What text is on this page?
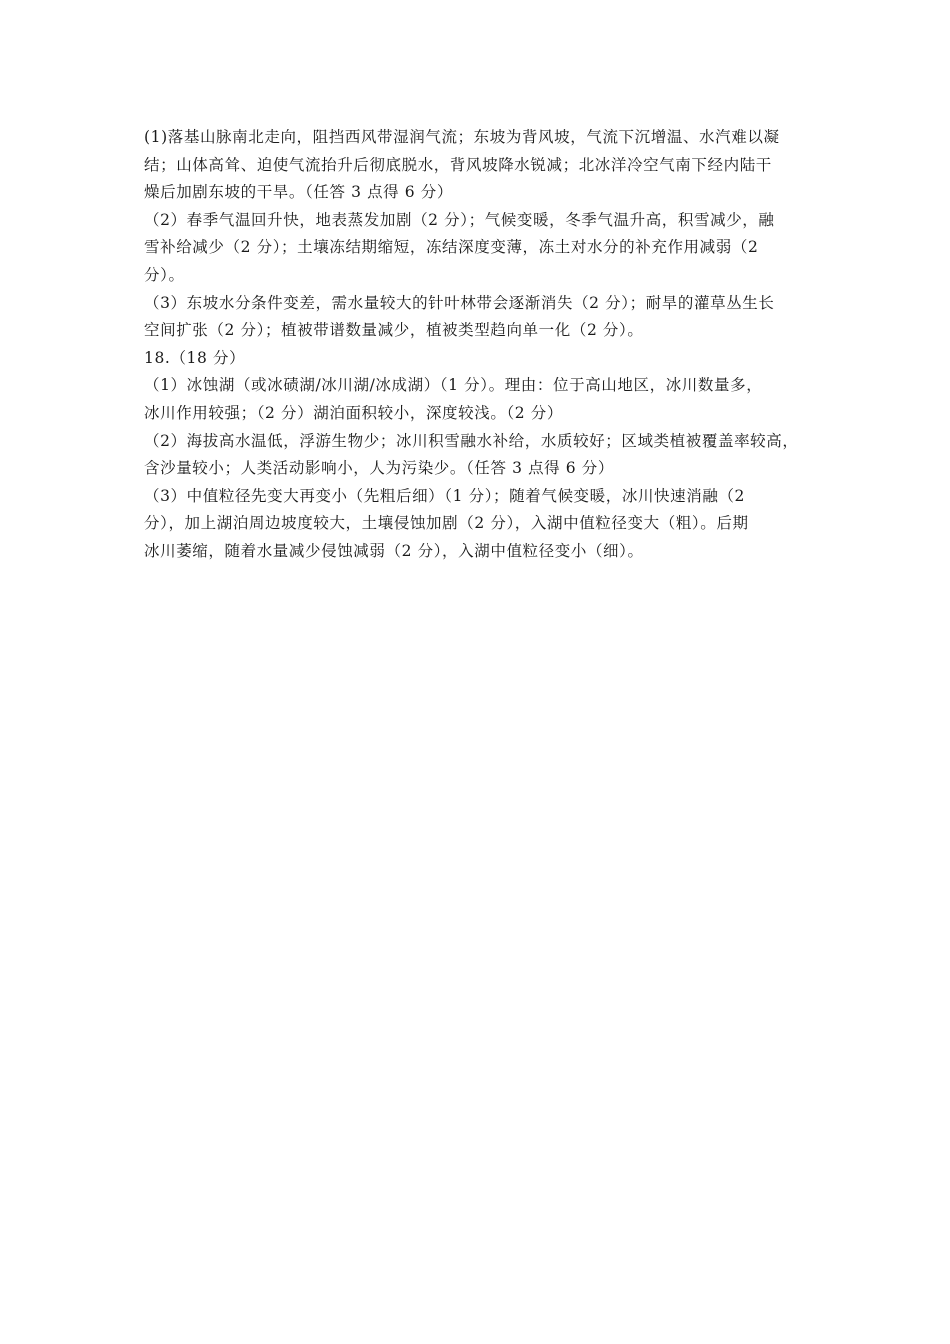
(1)落基山脉南北走向，阻挡西风带湿润气流；东坡为背风坡，气流下沉增温、水汽难以凝
结；山体高耸、迫使气流抬升后彻底脱水，背风坡降水锐减；北冰洋冷空气南下经内陆干
燥后加剧东坡的干旱。（任答 3 点得 6 分）
（2）春季气温回升快，地表蒸发加剧（2 分）；气候变暖，冬季气温升高，积雪减少，融
雪补给减少（2 分）；土壤冻结期缩短，冻结深度变薄，冻土对水分的补充作用减弱（2
分）。
（3）东坡水分条件变差，需水量较大的针叶林带会逐渐消失（2 分）；耐旱的灌草丛生长
空间扩张（2 分）；植被带谱数量减少，植被类型趋向单一化（2 分）。
18.（18 分）
（1）冰蚀湖（或冰碛湖/冰川湖/冰成湖）（1 分）。理由：位于高山地区，冰川数量多，
冰川作用较强；（2 分）湖泊面积较小，深度较浅。（2 分）
（2）海拔高水温低，浮游生物少；冰川积雪融水补给，水质较好；区域类植被覆盖率较高，
含沙量较小；人类活动影响小，人为污染少。（任答 3 点得 6 分）
（3）中值粒径先变大再变小（先粗后细）（1 分）；随着气候变暖，冰川快速消融（2
分），加上湖泊周边坡度较大，土壤侵蚀加剧（2 分），入湖中值粒径变大（粗）。后期
冰川萎缩，随着水量减少侵蚀减弱（2 分），入湖中值粒径变小（细）。
